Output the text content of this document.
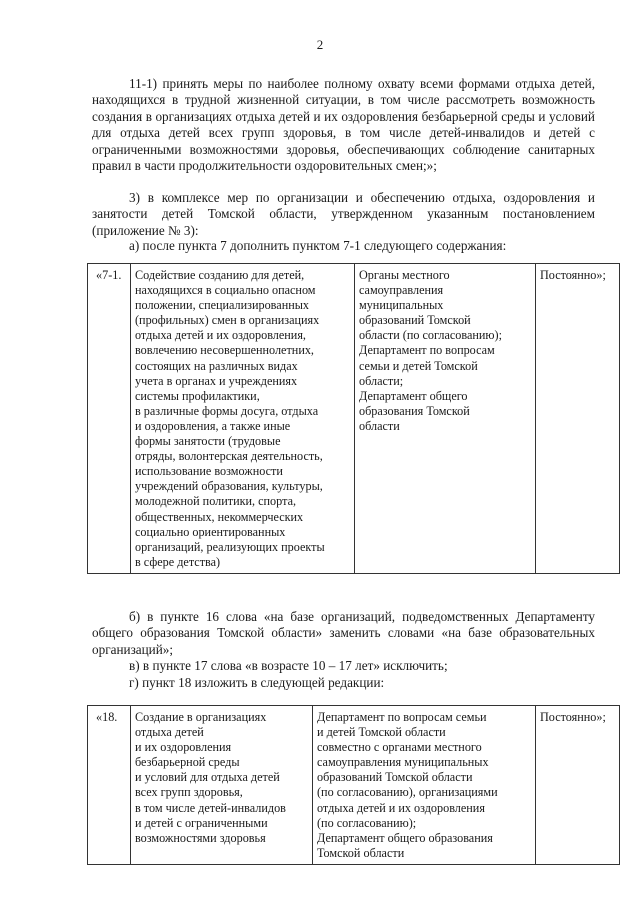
2
11-1) принять меры по наиболее полному охвату всеми формами отдыха детей, находящихся в трудной жизненной ситуации, в том числе рассмотреть возможность создания в организациях отдыха детей и их оздоровления безбарьерной среды и условий для отдыха детей всех групп здоровья, в том числе детей-инвалидов и детей с ограниченными возможностями здоровья, обеспечивающих соблюдение санитарных правил в части продолжительности оздоровительных смен;»;
3) в комплексе мер по организации и обеспечению отдыха, оздоровления и занятости детей Томской области, утвержденном указанным постановлением (приложение № 3):
а) после пункта 7 дополнить пунктом 7-1 следующего содержания:
«7-1.	Содействие созданию для детей,
находящихся в социально опасном
положении, специализированных
(профильных) смен в организациях
отдыха детей и их оздоровления,
вовлечению несовершеннолетних,
состоящих на различных видах
учета в органах и учреждениях
системы профилактики,
в различные формы досуга, отдыха
и оздоровления, а также иные
формы занятости (трудовые
отряды, волонтерская деятельность,
использование возможности
учреждений образования, культуры,
молодежной политики, спорта,
общественных, некоммерческих
социально ориентированных
организаций, реализующих проекты
в сфере детства)

Органы местного
самоуправления
муниципальных
образований Томской
области (по согласованию);
Департамент по вопросам
семьи и детей Томской
области;
Департамент общего
образования Томской
области
	Постоянно»;
б) в пункте 16 слова «на базе организаций, подведомственных Департаменту общего образования Томской области» заменить словами «на базе образовательных организаций»;
в) в пункте 17 слова «в возрасте 10 – 17 лет» исключить;
г) пункт 18 изложить в следующей редакции:
«18.	Создание в организациях
отдыха детей
и их оздоровления
безбарьерной среды
и условий для отдыха детей
всех групп здоровья,
в том числе детей-инвалидов
и детей с ограниченными
возможностями здоровья

Департамент по вопросам семьи
и детей Томской области
совместно с органами местного
самоуправления муниципальных
образований Томской области
(по согласованию), организациями
отдыха детей и их оздоровления
(по согласованию);
Департамент общего образования
Томской области
	Постоянно»;
